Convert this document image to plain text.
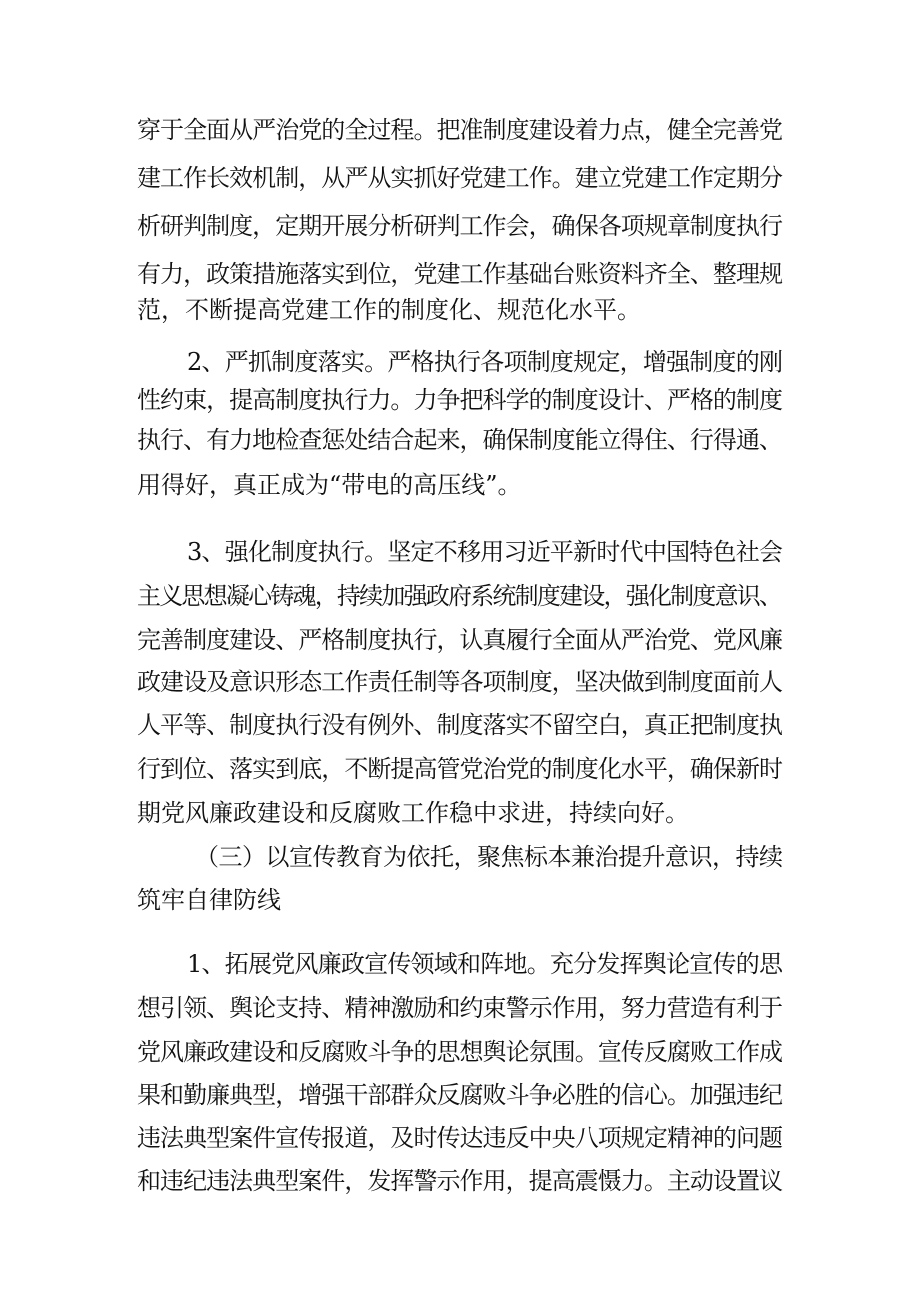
穿于全面从严治党的全过程。把准制度建设着力点，健全完善党
建工作长效机制，从严从实抓好党建工作。建立党建工作定期分
析研判制度，定期开展分析研判工作会，确保各项规章制度执行
有力，政策措施落实到位，党建工作基础台账资料齐全、整理规
范，不断提高党建工作的制度化、规范化水平。
2、严抓制度落实。严格执行各项制度规定，增强制度的刚
性约束，提高制度执行力。力争把科学的制度设计、严格的制度
执行、有力地检查惩处结合起来，确保制度能立得住、行得通、
用得好，真正成为“带电的高压线”。
3、强化制度执行。坚定不移用习近平新时代中国特色社会
主义思想凝心铸魂，持续加强政府系统制度建设，强化制度意识、
完善制度建设、严格制度执行，认真履行全面从严治党、党风廉
政建设及意识形态工作责任制等各项制度，坚决做到制度面前人
人平等、制度执行没有例外、制度落实不留空白，真正把制度执
行到位、落实到底，不断提高管党治党的制度化水平，确保新时
期党风廉政建设和反腐败工作稳中求进，持续向好。
（三）以宣传教育为依托，聚焦标本兼治提升意识，持续
筑牢自律防线
1、拓展党风廉政宣传领域和阵地。充分发挥舆论宣传的思
想引领、舆论支持、精神激励和约束警示作用，努力营造有利于
党风廉政建设和反腐败斗争的思想舆论氛围。宣传反腐败工作成
果和勤廉典型，增强干部群众反腐败斗争必胜的信心。加强违纪
违法典型案件宣传报道，及时传达违反中央八项规定精神的问题
和违纪违法典型案件，发挥警示作用，提高震慑力。主动设置议
